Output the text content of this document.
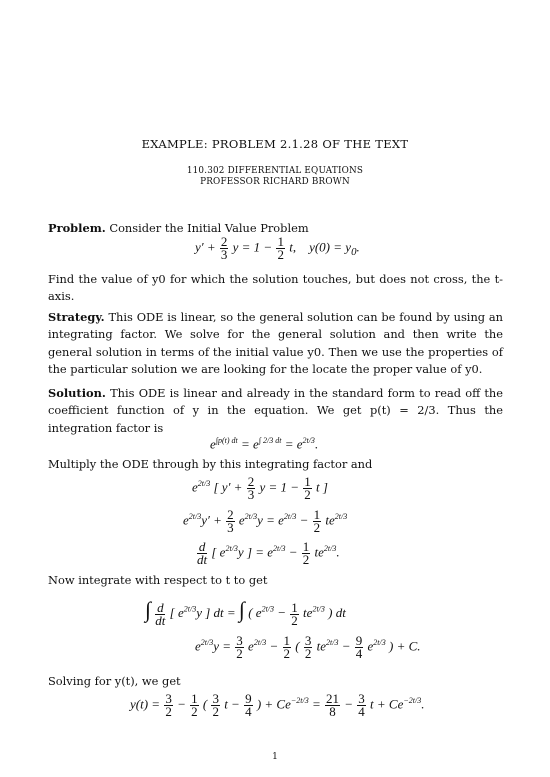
EXAMPLE: PROBLEM 2.1.28 OF THE TEXT
110.302 DIFFERENTIAL EQUATIONS
PROFESSOR RICHARD BROWN
Problem. Consider the Initial Value Problem
$y' + \frac{2}{3}$ $y = 1 - \frac{1}{2} t$,    $y(0) = y_0$.
Find the value of y0 for which the solution touches, but does not cross, the t-axis.
Strategy. This ODE is linear, so the general solution can be found by using an integrating factor. We solve for the general solution and then write the general solution in terms of the initial value y0. Then we use the properties of the particular solution we are looking for the locate the proper value of y0.
Solution. This ODE is linear and already in the standard form to read off the coefficient function of y in the equation. We get p(t) = 2/3. Thus the integration factor is
$e^{\int p(t) dt} = e^{\int 2/3 dt} = e^{2t/3}$.
Multiply the ODE through by this integrating factor and
$e^{2t/3}$ [ $y' + \frac{2}{3}$ $y = 1 - \frac{1}{2}$ t ]
$e^{2t/3}y' + \frac{2}{3} e^{2t/3}y = e^{2t/3} - \frac{1}{2} te^{2t/3}$
$\frac{d}{dt}$ [ $e^{2t/3}y$ ] = $e^{2t/3} - \frac{1}{2} te^{2t/3}$.
Now integrate with respect to t to get
∫ $\frac{d}{dt}$ [ $e^{2t/3}y$ ] dt = ∫ ( $e^{2t/3} - \frac{1}{2} te^{2t/3}$ ) dt
$e^{2t/3}y = \frac{3}{2} e^{2t/3} - \frac{1}{2}$ ( $\frac{3}{2} te^{2t/3} - \frac{9}{4} e^{2t/3}$ ) + C.
Solving for y(t), we get
$y(t) = \frac{3}{2} - \frac{1}{2}$ ( $\frac{3}{2}$ $t - \frac{9}{4}$ ) + $Ce^{-2t/3} = \frac{21}{8} - \frac{3}{4}$ $t + Ce^{-2t/3}$.
1
